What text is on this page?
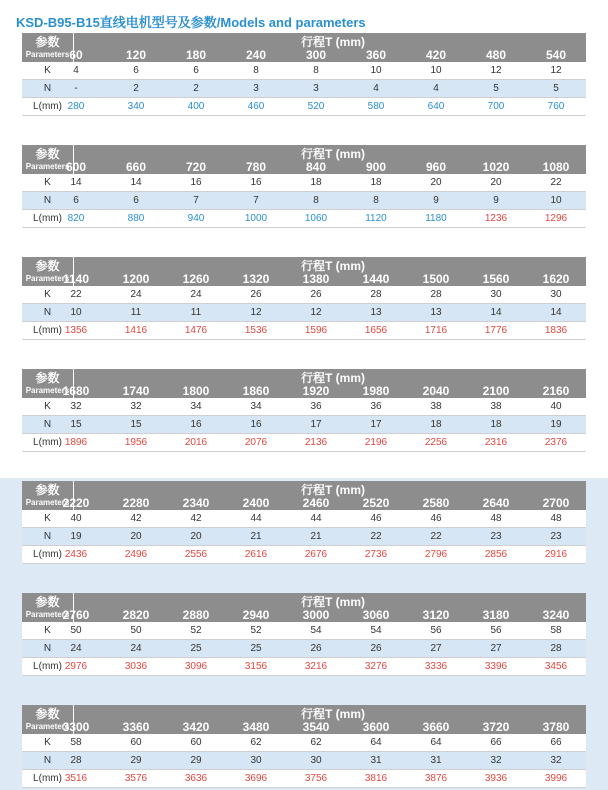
KSD-B95-B15直线电机型号及参数/Models and parameters
参数
Parameters
行程T (mm)
60	120	180	240	300	360	420	480	540
K	4	6	6	8	8	10	10	12	12
N	-	2	2	3	3	4	4	5	5
L(mm) 280	340	400	460	520	580	640	700	760
参数
Parameters
行程T (mm)
600	660	720	780	840	900	960	1020	1080
K	14	14	16	16	18	18	20	20	22
N	6	6	7	7	8	8	9	9	10
L(mm) 820	880	940	1000	1060	1120	1180	1236	1296
参数
Parameters
行程T (mm)
1140	1200	1260	1320	1380	1440	1500	1560	1620
K	22	24	24	26	26	28	28	30	30
N	10	11	11	12	12	13	13	14	14
L(mm) 1356	1416	1476	1536	1596	1656	1716	1776	1836
参数
Parameters
行程T (mm)
1680	1740	1800	1860	1920	1980	2040	2100	2160
K	32	32	34	34	36	36	38	38	40
N	15	15	16	16	17	17	18	18	19
L(mm) 1896	1956	2016	2076	2136	2196	2256	2316	2376
参数
Parameters
行程T (mm)
2220	2280	2340	2400	2460	2520	2580	2640	2700
K	40	42	42	44	44	46	46	48	48
N	19	20	20	21	21	22	22	23	23
L(mm) 2436	2496	2556	2616	2676	2736	2796	2856	2916
参数
Parameters
行程T (mm)
2760	2820	2880	2940	3000	3060	3120	3180	3240
K	50	50	52	52	54	54	56	56	58
N	24	24	25	25	26	26	27	27	28
L(mm) 2976	3036	3096	3156	3216	3276	3336	3396	3456
参数
Parameters
行程T (mm)
3300	3360	3420	3480	3540	3600	3660	3720	3780
K	58	60	60	62	62	64	64	66	66
N	28	29	29	30	30	31	31	32	32
L(mm) 3516	3576	3636	3696	3756	3816	3876	3936	3996
